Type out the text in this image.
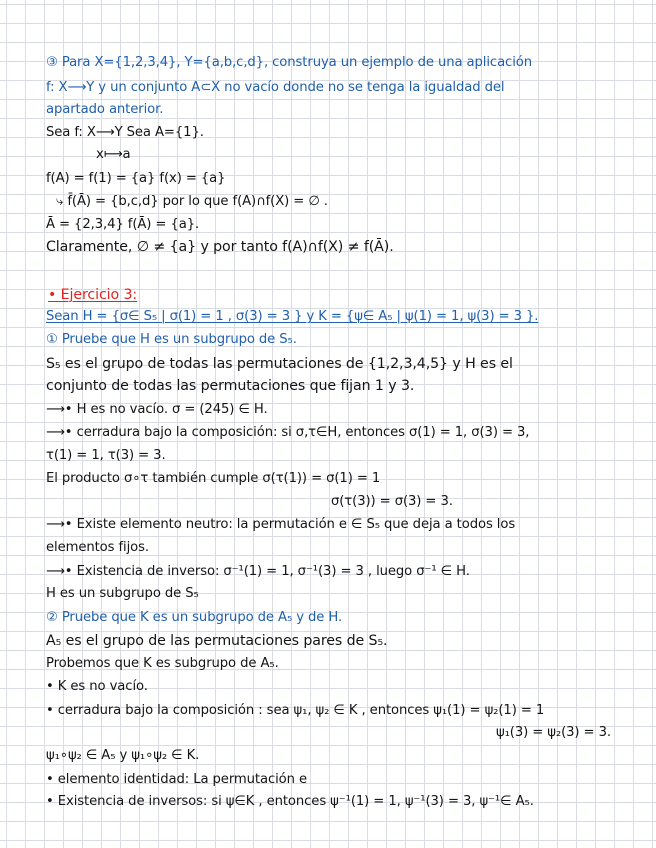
③ Para X={1,2,3,4}, Y={a,b,c,d}, construya un ejemplo de una aplicación
f: X⟶Y y un conjunto A⊂X no vacío donde no se tenga la igualdad del
apartado anterior.
Sea f: X⟶Y Sea A={1}.
x⟼a
f(A) = f(1) = {a} f(x) = {a}
⤷ f̄(Ā) = {b,c,d} por lo que f(A)∩f(X) = ∅ .
Ā = {2,3,4} f(Ā) = {a}.
Claramente, ∅ ≠ {a} y por tanto f(A)∩f(X) ≠ f(Ā).
• Ejercicio 3:
Sean H = {σ∈ S₅ | σ(1) = 1 , σ(3) = 3 } y K = {ψ∈ A₅ | ψ(1) = 1, ψ(3) = 3 }.
① Pruebe que H es un subgrupo de S₅.
S₅ es el grupo de todas las permutaciones de {1,2,3,4,5} y H es el
conjunto de todas las permutaciones que fijan 1 y 3.
⟶• H es no vacío. σ = (245) ∈ H.
⟶• cerradura bajo la composición: si σ,τ∈H, entonces σ(1) = 1, σ(3) = 3,
τ(1) = 1, τ(3) = 3.
El producto σ∘τ también cumple σ(τ(1)) = σ(1) = 1
σ(τ(3)) = σ(3) = 3.
⟶• Existe elemento neutro: la permutación e ∈ S₅ que deja a todos los
elementos fijos.
⟶• Existencia de inverso: σ⁻¹(1) = 1, σ⁻¹(3) = 3 , luego σ⁻¹ ∈ H.
H es un subgrupo de S₅
② Pruebe que K es un subgrupo de A₅ y de H.
A₅ es el grupo de las permutaciones pares de S₅.
Probemos que K es subgrupo de A₅.
• K es no vacío.
• cerradura bajo la composición : sea ψ₁, ψ₂ ∈ K , entonces ψ₁(1) = ψ₂(1) = 1
ψ₁(3) = ψ₂(3) = 3.
ψ₁∘ψ₂ ∈ A₅ y ψ₁∘ψ₂ ∈ K.
• elemento identidad: La permutación e
• Existencia de inversos: si ψ∈K , entonces ψ⁻¹(1) = 1, ψ⁻¹(3) = 3, ψ⁻¹∈ A₅.
